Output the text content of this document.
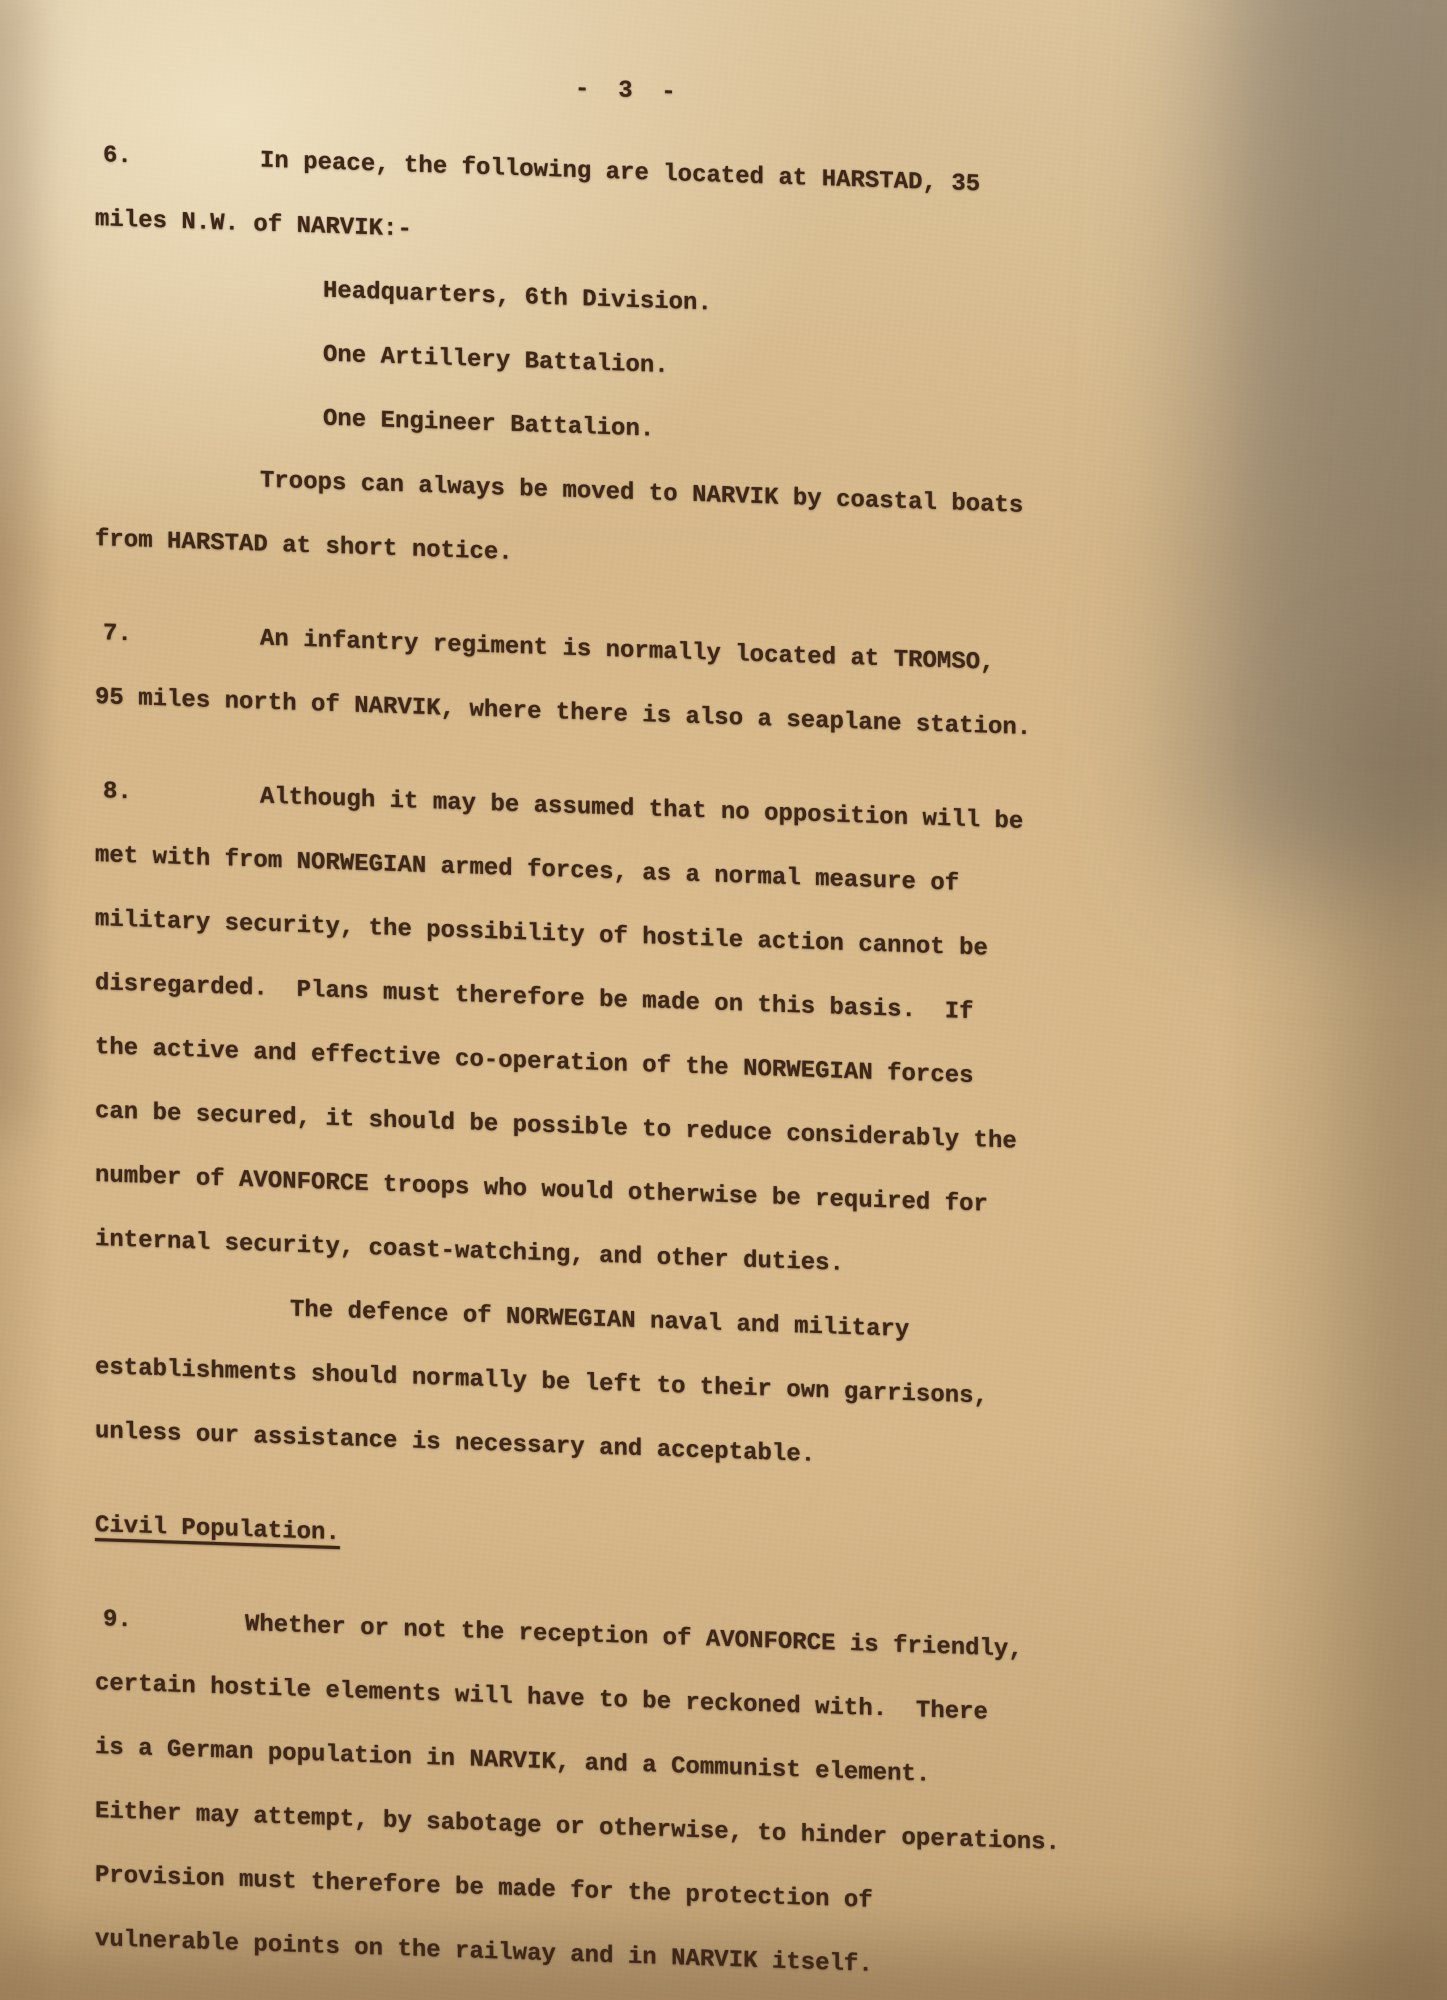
-  3  -
6.	In peace, the following are located at HARSTAD, 35
miles N.W. of NARVIK:-
Headquarters, 6th Division.
One Artillery Battalion.
One Engineer Battalion.
Troops can always be moved to NARVIK by coastal boats
from HARSTAD at short notice.
7.	An infantry regiment is normally located at TROMSO,
95 miles north of NARVIK, where there is also a seaplane station.
8.	Although it may be assumed that no opposition will be
met with from NORWEGIAN armed forces, as a normal measure of
military security, the possibility of hostile action cannot be
disregarded.  Plans must therefore be made on this basis.  If
the active and effective co-operation of the NORWEGIAN forces
can be secured, it should be possible to reduce considerably the
number of AVONFORCE troops who would otherwise be required for
internal security, coast-watching, and other duties.
The defence of NORWEGIAN naval and military
establishments should normally be left to their own garrisons,
unless our assistance is necessary and acceptable.
Civil Population.
9.	Whether or not the reception of AVONFORCE is friendly,
certain hostile elements will have to be reckoned with.  There
is a German population in NARVIK, and a Communist element.
Either may attempt, by sabotage or otherwise, to hinder operations.
Provision must therefore be made for the protection of
vulnerable points on the railway and in NARVIK itself.
